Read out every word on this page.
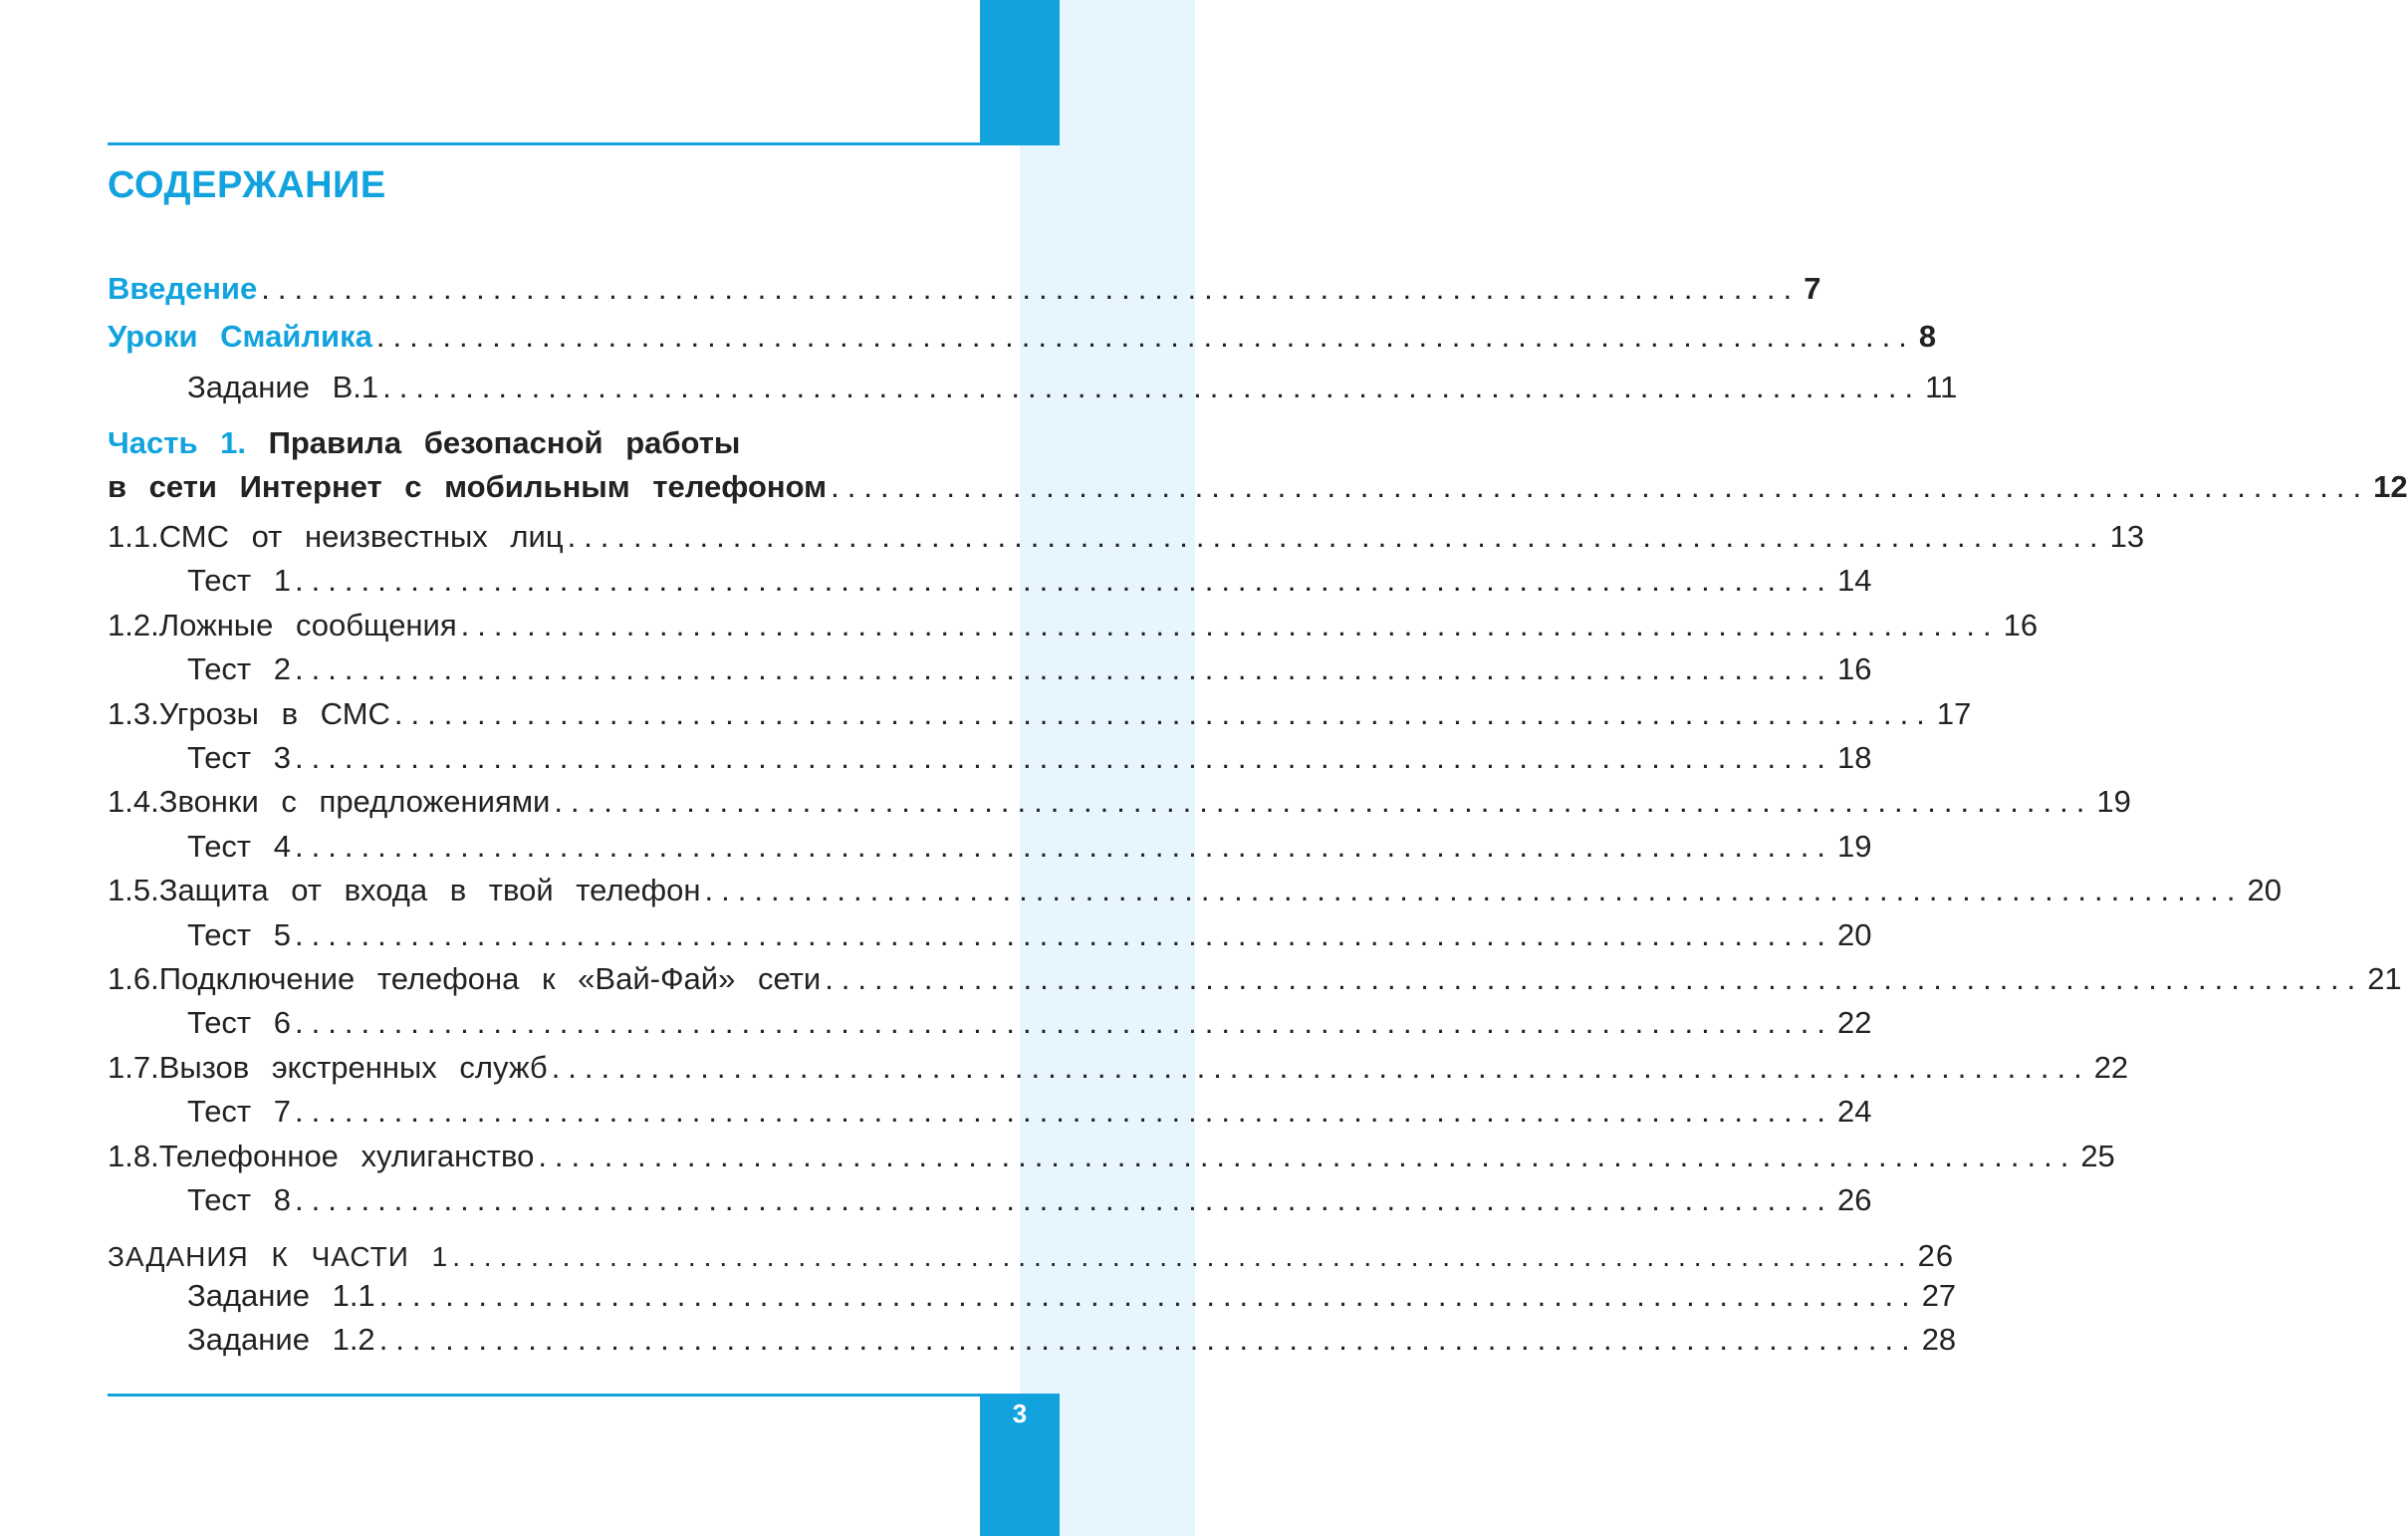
3
СОДЕРЖАНИЕ
Введение ............................................................................................. 7
Уроки Смайлика ............................................................................................. 8
Задание В.1 ............................................................................................. 11
Часть 1. Правила безопасной работы
в сети Интернет с мобильным телефоном ............................................................................................. 12
1.1. СМС от неизвестных лиц ............................................................................................. 13
Тест 1 ............................................................................................. 14
1.2. Ложные сообщения ............................................................................................. 16
Тест 2 ............................................................................................. 16
1.3. Угрозы в СМС ............................................................................................. 17
Тест 3 ............................................................................................. 18
1.4. Звонки с предложениями ............................................................................................. 19
Тест 4 ............................................................................................. 19
1.5. Защита от входа в твой телефон ............................................................................................. 20
Тест 5 ............................................................................................. 20
1.6. Подключение телефона к «Вай-Фай» сети ............................................................................................. 21
Тест 6 ............................................................................................. 22
1.7. Вызов экстренных служб ............................................................................................. 22
Тест 7 ............................................................................................. 24
1.8. Телефонное хулиганство ............................................................................................. 25
Тест 8 ............................................................................................. 26
ЗАДАНИЯ К ЧАСТИ 1 ............................................................................................. 26
Задание 1.1 ............................................................................................. 27
Задание 1.2 ............................................................................................. 28
